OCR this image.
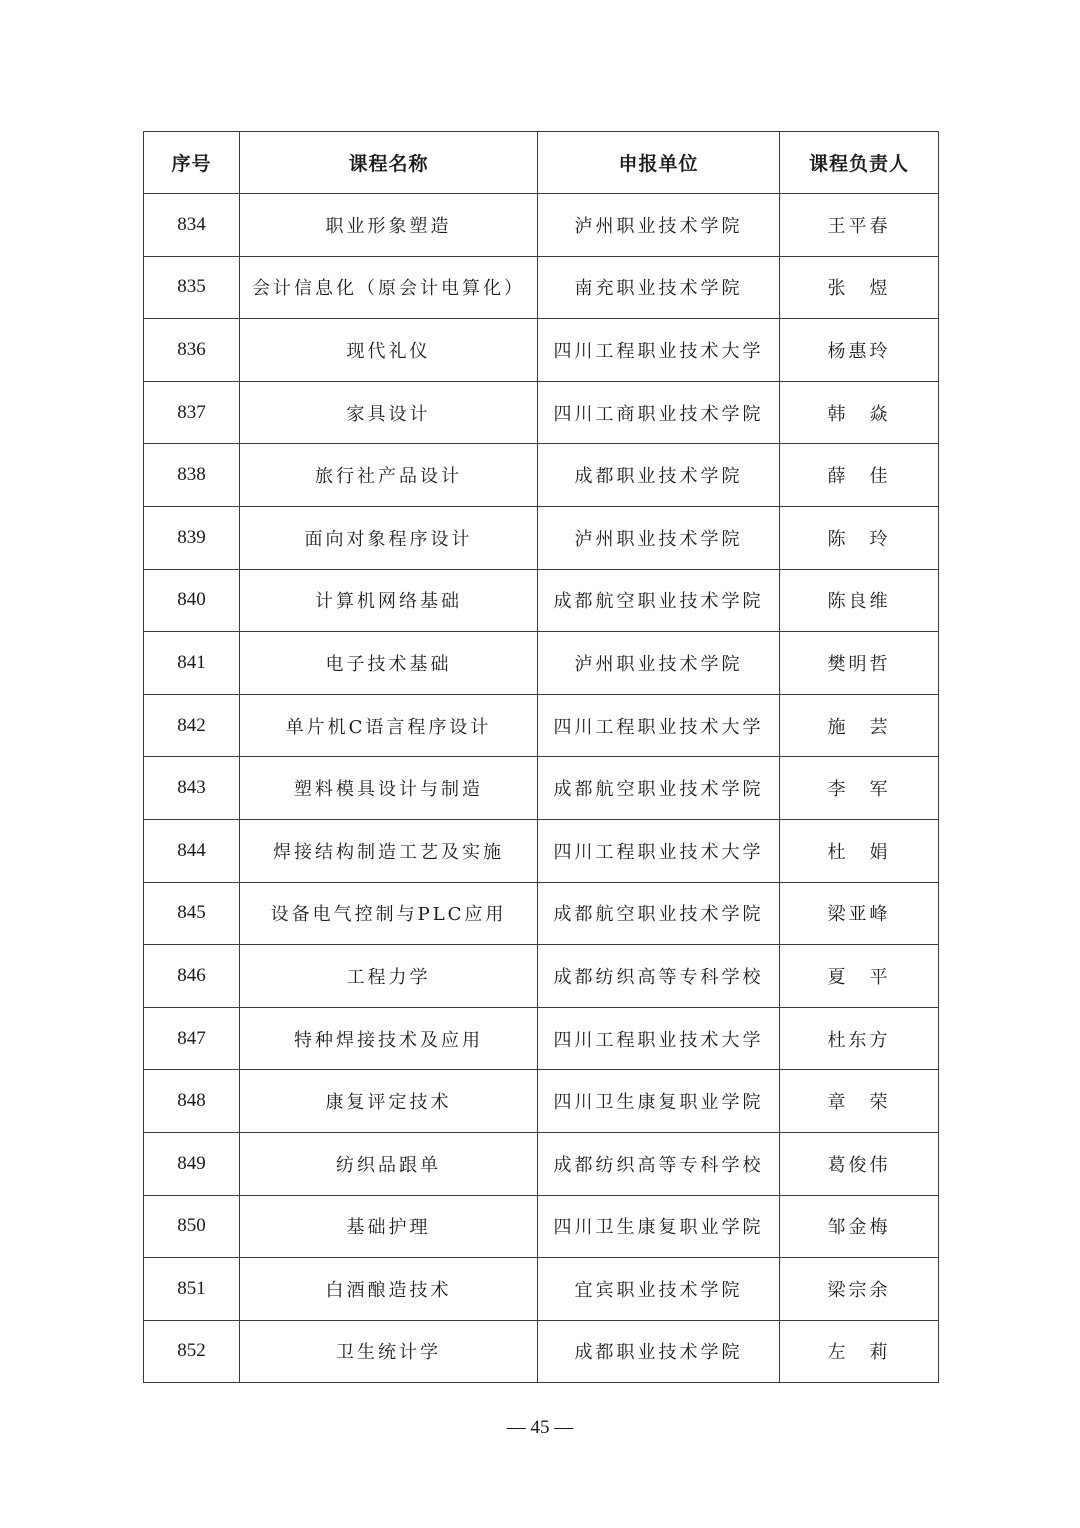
序号	课程名称	申报单位	课程负责人
834	职业形象塑造	泸州职业技术学院	王平春
835	会计信息化（原会计电算化）	南充职业技术学院	张　煜
836	现代礼仪	四川工程职业技术大学	杨惠玲
837	家具设计	四川工商职业技术学院	韩　焱
838	旅行社产品设计	成都职业技术学院	薛　佳
839	面向对象程序设计	泸州职业技术学院	陈　玲
840	计算机网络基础	成都航空职业技术学院	陈良维
841	电子技术基础	泸州职业技术学院	樊明哲
842	单片机C语言程序设计	四川工程职业技术大学	施　芸
843	塑料模具设计与制造	成都航空职业技术学院	李　军
844	焊接结构制造工艺及实施	四川工程职业技术大学	杜　娟
845	设备电气控制与PLC应用	成都航空职业技术学院	梁亚峰
846	工程力学	成都纺织高等专科学校	夏　平
847	特种焊接技术及应用	四川工程职业技术大学	杜东方
848	康复评定技术	四川卫生康复职业学院	章　荣
849	纺织品跟单	成都纺织高等专科学校	葛俊伟
850	基础护理	四川卫生康复职业学院	邹金梅
851	白酒酿造技术	宜宾职业技术学院	梁宗余
852	卫生统计学	成都职业技术学院	左　莉
— 45 —
